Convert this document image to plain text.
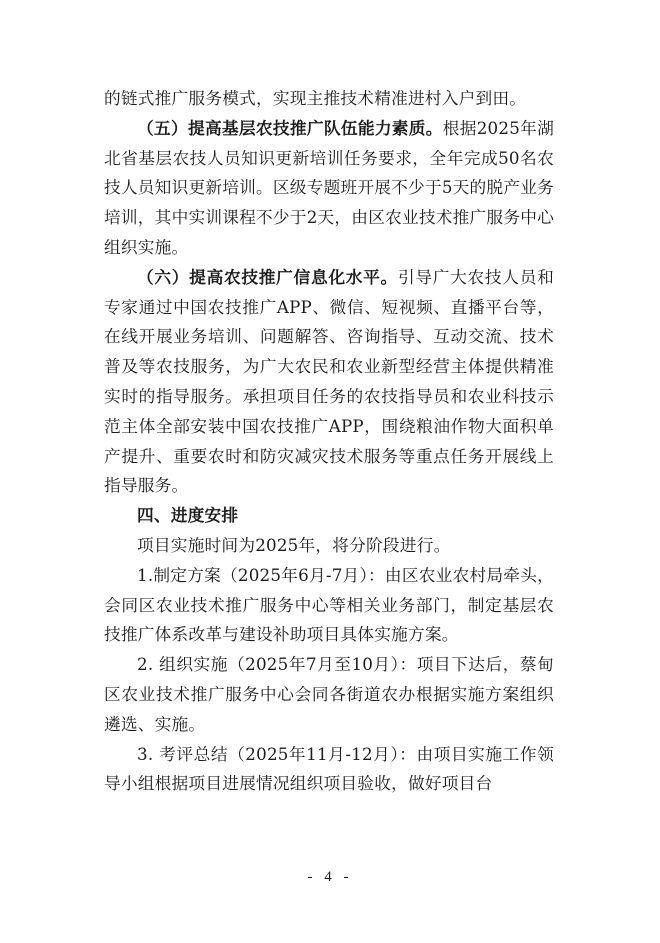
的链式推广服务模式，实现主推技术精准进村入户到田。

（五）提高基层农技推广队伍能力素质。根据2025年湖北省基层农技人员知识更新培训任务要求，全年完成50名农技人员知识更新培训。区级专题班开展不少于5天的脱产业务培训，其中实训课程不少于2天，由区农业技术推广服务中心组织实施。

（六）提高农技推广信息化水平。引导广大农技人员和专家通过中国农技推广APP、微信、短视频、直播平台等，在线开展业务培训、问题解答、咨询指导、互动交流、技术普及等农技服务，为广大农民和农业新型经营主体提供精准实时的指导服务。承担项目任务的农技指导员和农业科技示范主体全部安装中国农技推广APP，围绕粮油作物大面积单产提升、重要农时和防灾减灾技术服务等重点任务开展线上指导服务。

四、进度安排

项目实施时间为2025年，将分阶段进行。

1.制定方案（2025年6月-7月）：由区农业农村局牵头，会同区农业技术推广服务中心等相关业务部门，制定基层农技推广体系改革与建设补助项目具体实施方案。

2. 组织实施（2025年7月至10月）：项目下达后，蔡甸区农业技术推广服务中心会同各街道农办根据实施方案组织遴选、实施。

3. 考评总结（2025年11月-12月）：由项目实施工作领导小组根据项目进展情况组织项目验收，做好项目台

- 4 -
